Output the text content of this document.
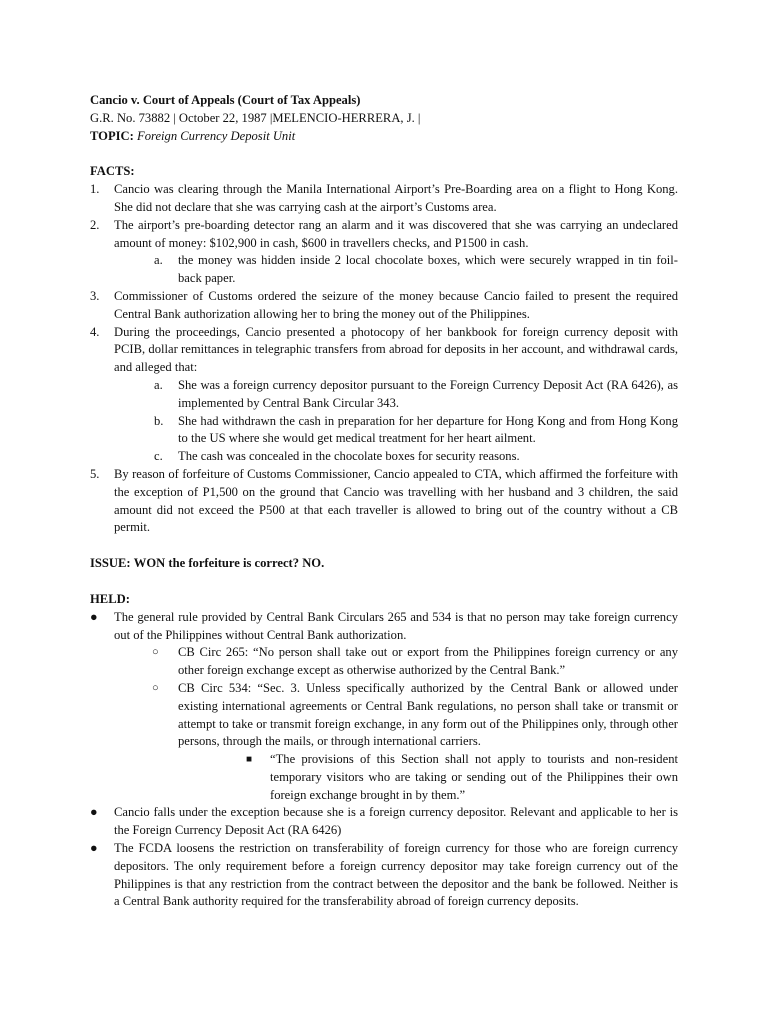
Cancio v. Court of Appeals (Court of Tax Appeals)

G.R. No. 73882 | October 22, 1987 |MELENCIO-HERRERA, J. |

TOPIC: Foreign Currency Deposit Unit

FACTS:

1. Cancio was clearing through the Manila International Airport’s Pre-Boarding area on a flight to Hong Kong. She did not declare that she was carrying cash at the airport’s Customs area.
2. The airport’s pre-boarding detector rang an alarm and it was discovered that she was carrying an undeclared amount of money: $102,900 in cash, $600 in travellers checks, and P1500 in cash.
a. the money was hidden inside 2 local chocolate boxes, which were securely wrapped in tin foil-back paper.
3. Commissioner of Customs ordered the seizure of the money because Cancio failed to present the required Central Bank authorization allowing her to bring the money out of the Philippines.
4. During the proceedings, Cancio presented a photocopy of her bankbook for foreign currency deposit with PCIB, dollar remittances in telegraphic transfers from abroad for deposits in her account, and withdrawal cards, and alleged that:
a. She was a foreign currency depositor pursuant to the Foreign Currency Deposit Act (RA 6426), as implemented by Central Bank Circular 343.
b. She had withdrawn the cash in preparation for her departure for Hong Kong and from Hong Kong to the US where she would get medical treatment for her heart ailment.
c. The cash was concealed in the chocolate boxes for security reasons.
5. By reason of forfeiture of Customs Commissioner, Cancio appealed to CTA, which affirmed the forfeiture with the exception of P1,500 on the ground that Cancio was travelling with her husband and 3 children, the said amount did not exceed the P500 at that each traveller is allowed to bring out of the country without a CB permit.

ISSUE: WON the forfeiture is correct? NO.

HELD:

● The general rule provided by Central Bank Circulars 265 and 534 is that no person may take foreign currency out of the Philippines without Central Bank authorization.
○ CB Circ 265: “No person shall take out or export from the Philippines foreign currency or any other foreign exchange except as otherwise authorized by the Central Bank.”
○ CB Circ 534: “Sec. 3. Unless specifically authorized by the Central Bank or allowed under existing international agreements or Central Bank regulations, no person shall take or transmit or attempt to take or transmit foreign exchange, in any form out of the Philippines only, through other persons, through the mails, or through international carriers.
■ “The provisions of this Section shall not apply to tourists and non-resident temporary visitors who are taking or sending out of the Philippines their own foreign exchange brought in by them.”
● Cancio falls under the exception because she is a foreign currency depositor. Relevant and applicable to her is the Foreign Currency Deposit Act (RA 6426)
● The FCDA loosens the restriction on transferability of foreign currency for those who are foreign currency depositors. The only requirement before a foreign currency depositor may take foreign currency out of the Philippines is that any restriction from the contract between the depositor and the bank be followed. Neither is a Central Bank authority required for the transferability abroad of foreign currency deposits.
